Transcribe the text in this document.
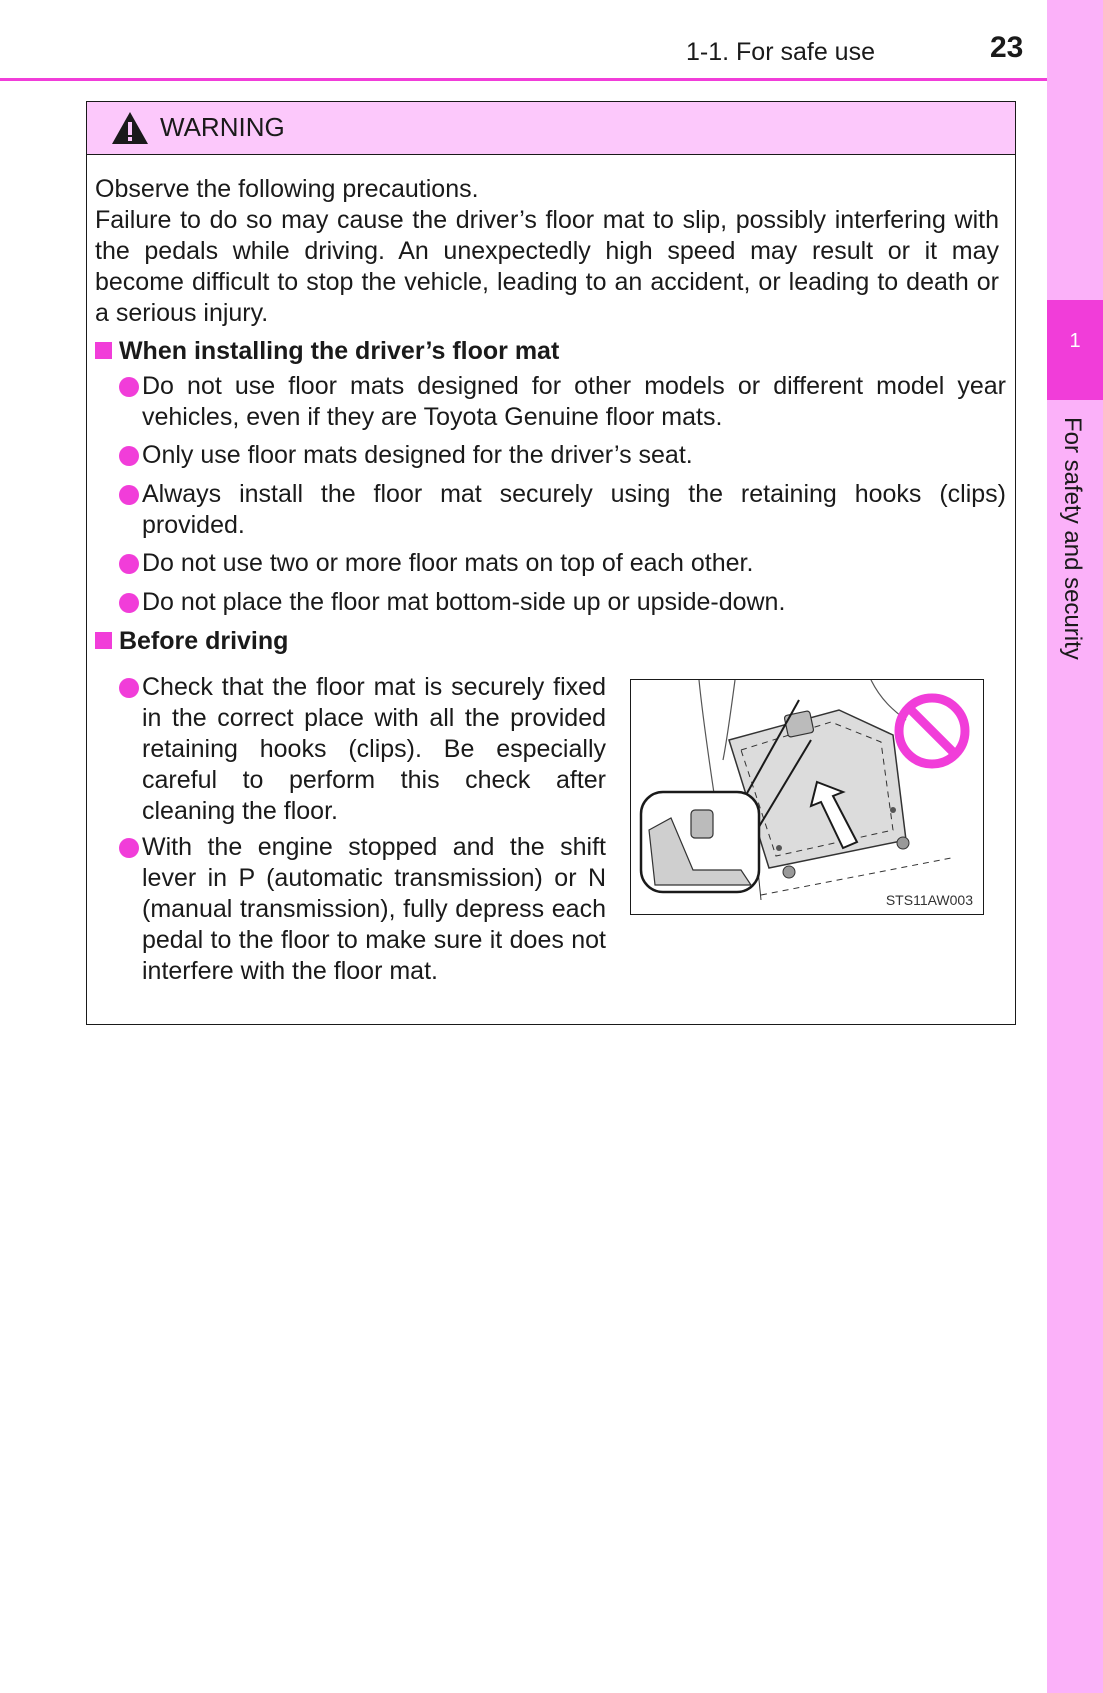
1
For safety and security
1-1. For safe use	23
WARNING
Observe the following precautions.
Failure to do so may cause the driver’s floor mat to slip, possibly interfering with the pedals while driving. An unexpectedly high speed may result or it may become difficult to stop the vehicle, leading to an accident, or leading to death or a serious injury.
When installing the driver’s floor mat
Do not use floor mats designed for other models or different model year vehicles, even if they are Toyota Genuine floor mats.
Only use floor mats designed for the driver’s seat.
Always install the floor mat securely using the retaining hooks (clips) provided.
Do not use two or more floor mats on top of each other.
Do not place the floor mat bottom-side up or upside-down.
Before driving
Check that the floor mat is securely fixed in the correct place with all the provided retaining hooks (clips). Be especially careful to perform this check after cleaning the floor.
With the engine stopped and the shift lever in P (automatic transmission) or N (manual transmission), fully depress each pedal to the floor to make sure it does not interfere with the floor mat.
STS11AW003
